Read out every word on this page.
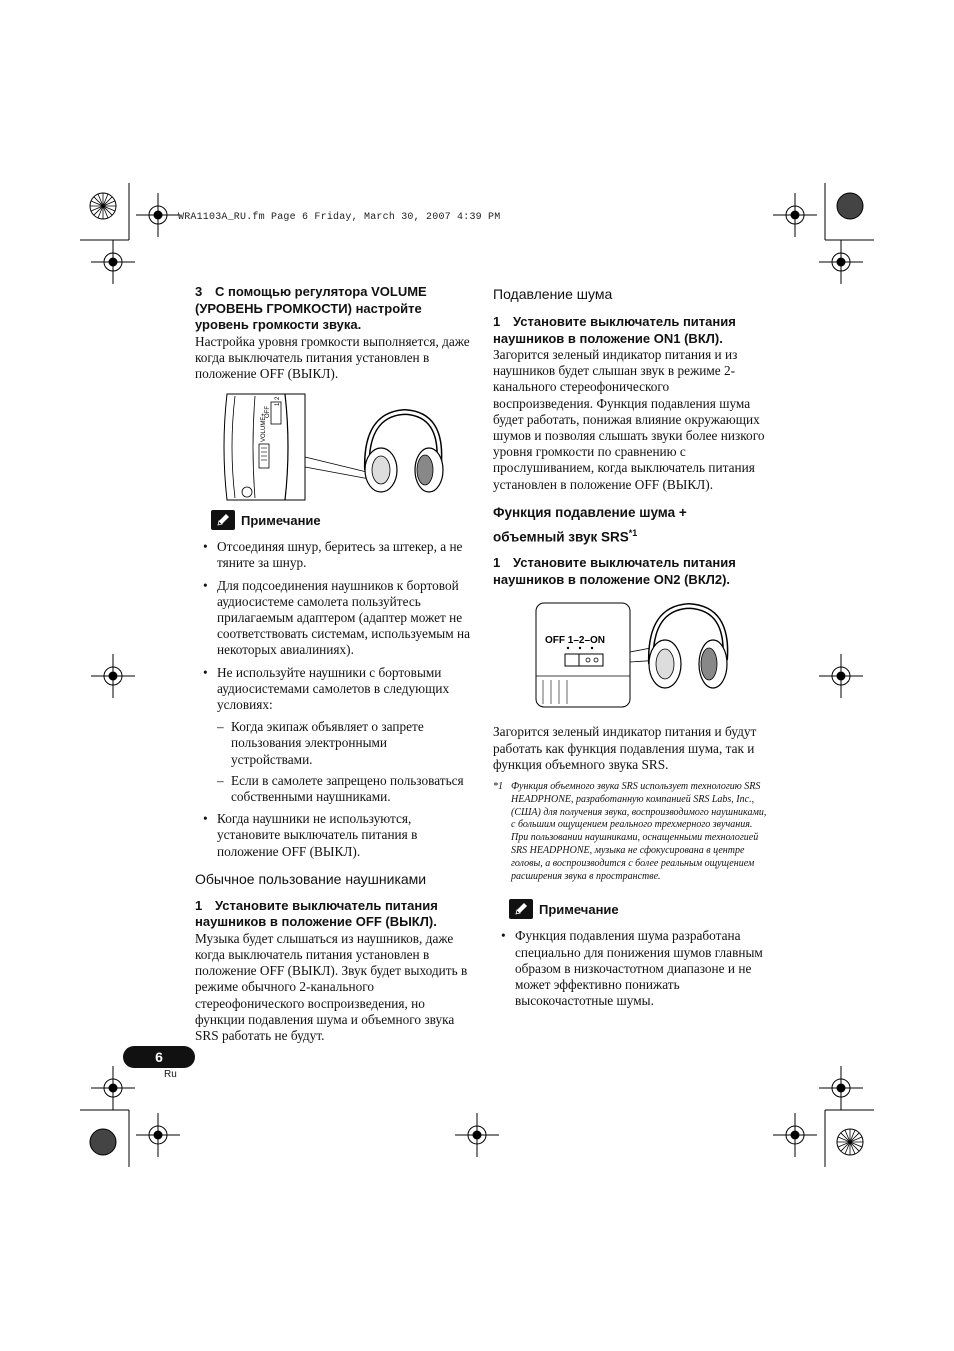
WRA1103A_RU.fm Page 6 Friday, March 30, 2007 4:39 PM

3 С помощью регулятора VOLUME (УРОВЕНЬ ГРОМКОСТИ) настройте уровень громкости звука.

Настройка уровня громкости выполняется, даже когда выключатель питания установлен в положение OFF (ВЫКЛ).

VOLUME+
OFF
1
2
Примечание
• Отсоединяя шнур, беритесь за штекер, а не тяните за шнур.
• Для подсоединения наушников к бортовой аудиосистеме самолета пользуйтесь прилагаемым адаптером (адаптер может не соответствовать системам, используемым на некоторых авиалиниях).
• Не используйте наушники с бортовыми аудиосистемами самолетов в следующих условиях:
– Когда экипаж объявляет о запрете пользования электронными устройствами.
– Если в самолете запрещено пользоваться собственными наушниками.
• Когда наушники не используются, установите выключатель питания в положение OFF (ВЫКЛ).
Обычное пользование наушниками

1 Установите выключатель питания наушников в положение OFF (ВЫКЛ).

Музыка будет слышаться из наушников, даже когда выключатель питания установлен в положение OFF (ВЫКЛ). Звук будет выходить в режиме обычного 2-канального стереофонического воспроизведения, но функции подавления шума и объемного звука SRS работать не будут.

Подавление шума

1 Установите выключатель питания наушников в положение ON1 (ВКЛ).

Загорится зеленый индикатор питания и из наушников будет слышан звук в режиме 2-канального стереофонического воспроизведения. Функция подавления шума будет работать, понижая влияние окружающих шумов и позволяя слышать звуки более низкого уровня громкости по сравнению с прослушиванием, когда выключатель питания установлен в положение OFF (ВЫКЛ).

Функция подавление шума +
объемный звук SRS$^{*1}$

1 Установите выключатель питания наушников в положение ON2 (ВКЛ2).

OFF 1–2–ON

Загорится зеленый индикатор питания и будут работать как функция подавления шума, так и функция объемного звука SRS.

*1 Функция объемного звука SRS использует технологию SRS HEADPHONE, разработанную компанией SRS Labs, Inc., (США) для получения звука, воспроизводимого наушниками, с большим ощущением реального трехмерного звучания. При пользовании наушниками, оснащенными технологией SRS HEADPHONE, музыка не сфокусирована в центре головы, а воспроизводится с более реальным ощущением расширения звука в пространстве.
Примечание
• Функция подавления шума разработана специально для понижения шумов главным образом в низкочастотном диапазоне и не может эффективно понижать высокочастотные шумы.
6
Ru
